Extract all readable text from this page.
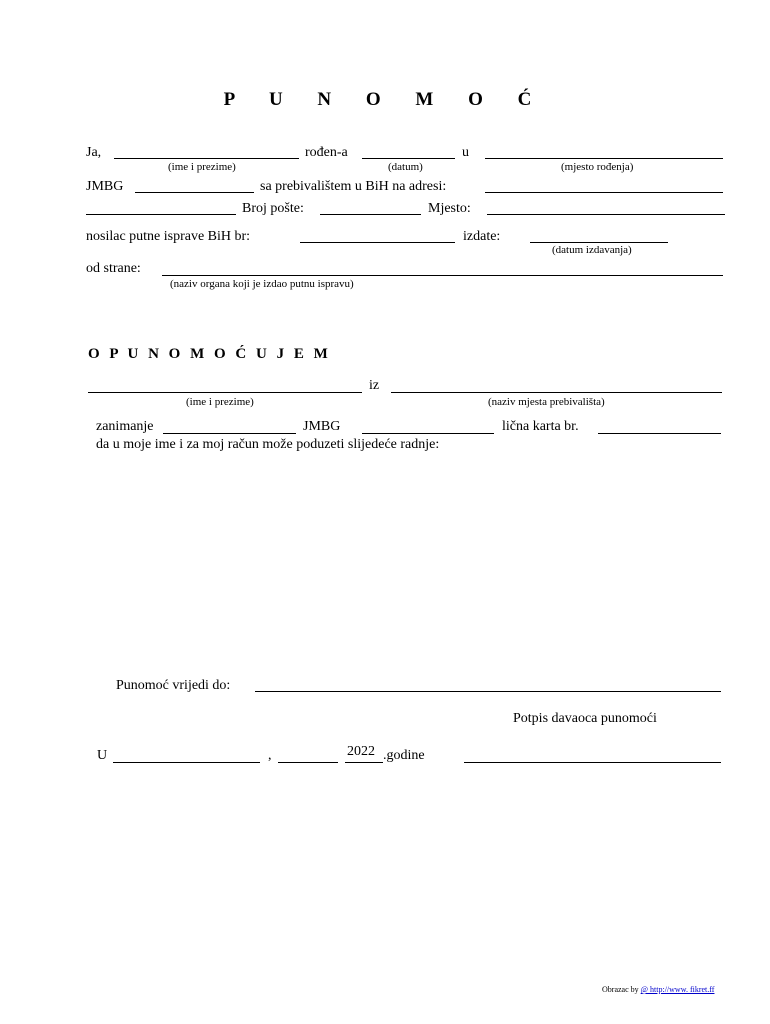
P U N O M O Ć
Ja,	rođen-a	u
(ime i prezime)	(datum)	(mjesto rođenja)
JMBG	sa prebivalištem u BiH na adresi:
Broj pošte:	Mjesto:
nosilac putne isprave BiH br:	izdate:
(datum izdavanja)
od strane:
(naziv organa koji je izdao putnu ispravu)
O P U N O M O Ć U J E M
iz
(ime i prezime)	(naziv mjesta prebivališta)
zanimanje	JMBG	lična karta br.
da u moje ime i za moj račun može poduzeti slijedeće radnje:
Punomoć vrijedi do:
Potpis davaoca punomoći
U	,	2022 .godine
Obrazac by @ http://www. fikret.ff
